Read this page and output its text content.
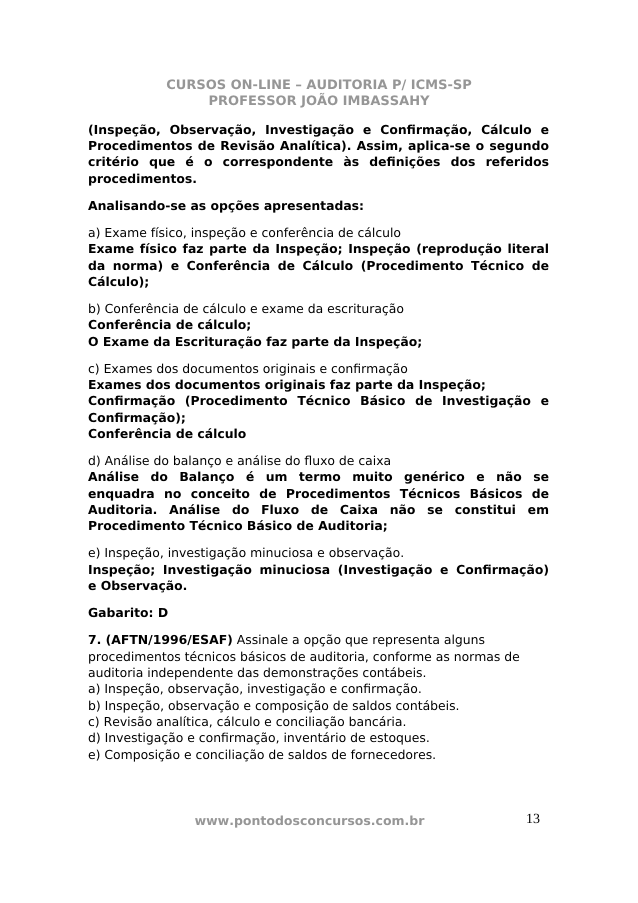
CURSOS ON-LINE – AUDITORIA P/ ICMS-SP
PROFESSOR JOÃO IMBASSAHY
(Inspeção, Observação, Investigação e Confirmação, Cálculo e
Procedimentos de Revisão Analítica). Assim, aplica-se o segundo
critério que é o correspondente às definições dos referidos
procedimentos.
Analisando-se as opções apresentadas:
a) Exame físico, inspeção e conferência de cálculo
Exame físico faz parte da Inspeção; Inspeção (reprodução literal
da norma) e Conferência de Cálculo (Procedimento Técnico de
Cálculo);
b) Conferência de cálculo e exame da escrituração
Conferência de cálculo;
O Exame da Escrituração faz parte da Inspeção;
c) Exames dos documentos originais e confirmação
Exames dos documentos originais faz parte da Inspeção;
Confirmação (Procedimento Técnico Básico de Investigação e
Confirmação);
Conferência de cálculo
d) Análise do balanço e análise do fluxo de caixa
Análise do Balanço é um termo muito genérico e não se
enquadra no conceito de Procedimentos Técnicos Básicos de
Auditoria. Análise do Fluxo de Caixa não se constitui em
Procedimento Técnico Básico de Auditoria;
e) Inspeção, investigação minuciosa e observação.
Inspeção; Investigação minuciosa (Investigação e Confirmação)
e Observação.
Gabarito: D
7. (AFTN/1996/ESAF) Assinale a opção que representa alguns
procedimentos técnicos básicos de auditoria, conforme as normas de
auditoria independente das demonstrações contábeis.
a) Inspeção, observação, investigação e confirmação.
b) Inspeção, observação e composição de saldos contábeis.
c) Revisão analítica, cálculo e conciliação bancária.
d) Investigação e confirmação, inventário de estoques.
e) Composição e conciliação de saldos de fornecedores.
www.pontodosconcursos.com.br	13
